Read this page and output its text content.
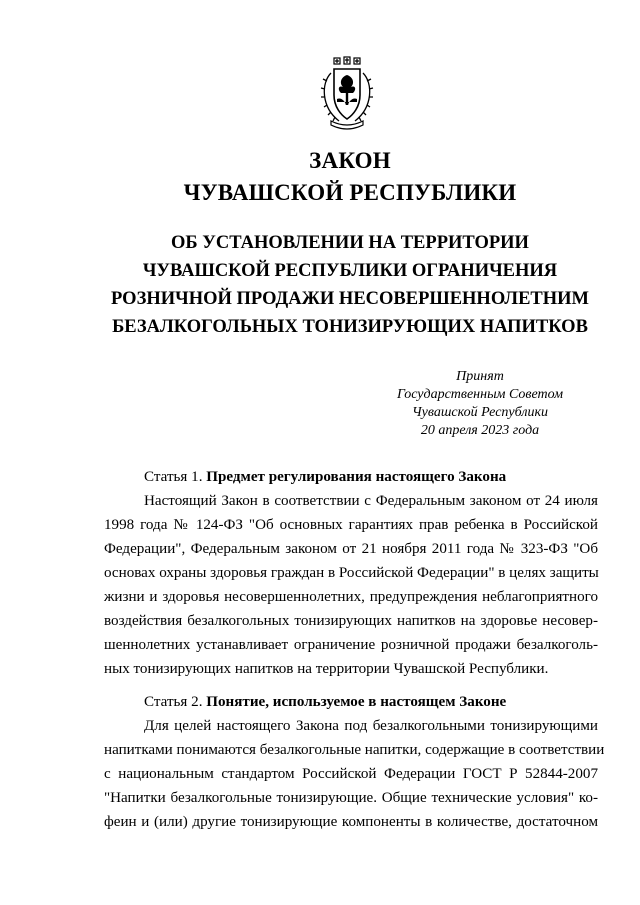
ЗАКОН
ЧУВАШСКОЙ РЕСПУБЛИКИ
ОБ УСТАНОВЛЕНИИ НА ТЕРРИТОРИИ
ЧУВАШСКОЙ РЕСПУБЛИКИ ОГРАНИЧЕНИЯ
РОЗНИЧНОЙ ПРОДАЖИ НЕСОВЕРШЕННОЛЕТНИМ
БЕЗАЛКОГОЛЬНЫХ ТОНИЗИРУЮЩИХ НАПИТКОВ
Принят
Государственным Советом
Чувашской Республики
20 апреля 2023 года
Статья 1. Предмет регулирования настоящего Закона
Настоящий Закон в соответствии с Федеральным законом от 24 июля
1998 года № 124-ФЗ "Об основных гарантиях прав ребенка в Российской
Федерации", Федеральным законом от 21 ноября 2011 года № 323-ФЗ "Об
основах охраны здоровья граждан в Российской Федерации" в целях защиты
жизни и здоровья несовершеннолетних, предупреждения неблагоприятного
воздействия безалкогольных тонизирующих напитков на здоровье несовер-
шеннолетних устанавливает ограничение розничной продажи безалкоголь-
ных тонизирующих напитков на территории Чувашской Республики.
Статья 2. Понятие, используемое в настоящем Законе
Для целей настоящего Закона под безалкогольными тонизирующими
напитками понимаются безалкогольные напитки, содержащие в соответствии
с национальным стандартом Российской Федерации ГОСТ Р 52844-2007
"Напитки безалкогольные тонизирующие. Общие технические условия" ко-
феин и (или) другие тонизирующие компоненты в количестве, достаточном
